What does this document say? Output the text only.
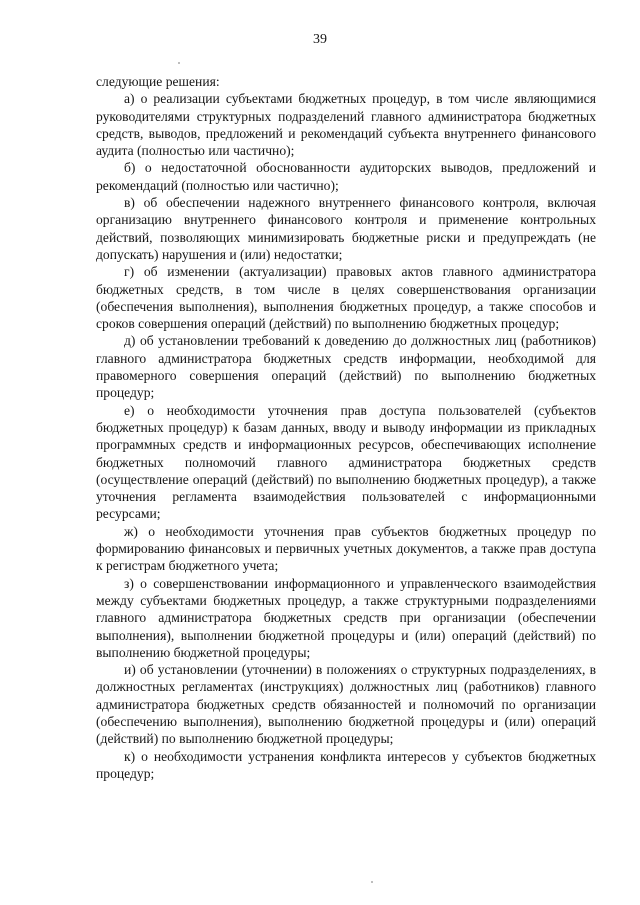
39

следующие решения:

а) о реализации субъектами бюджетных процедур, в том числе являющимися руководителями структурных подразделений главного администратора бюджетных средств, выводов, предложений и рекомендаций субъекта внутреннего финансового аудита (полностью или частично);

б) о недостаточной обоснованности аудиторских выводов, предложений и рекомендаций (полностью или частично);

в) об обеспечении надежного внутреннего финансового контроля, включая организацию внутреннего финансового контроля и применение контрольных действий, позволяющих минимизировать бюджетные риски и предупреждать (не допускать) нарушения и (или) недостатки;

г) об изменении (актуализации) правовых актов главного администратора бюджетных средств, в том числе в целях совершенствования организации (обеспечения выполнения), выполнения бюджетных процедур, а также способов и сроков совершения операций (действий) по выполнению бюджетных процедур;

д) об установлении требований к доведению до должностных лиц (работников) главного администратора бюджетных средств информации, необходимой для правомерного совершения операций (действий) по выполнению бюджетных процедур;

е) о необходимости уточнения прав доступа пользователей (субъектов бюджетных процедур) к базам данных, вводу и выводу информации из прикладных программных средств и информационных ресурсов, обеспечивающих исполнение бюджетных полномочий главного администратора бюджетных средств (осуществление операций (действий) по выполнению бюджетных процедур), а также уточнения регламента взаимодействия пользователей с информационными ресурсами;

ж) о необходимости уточнения прав субъектов бюджетных процедур по формированию финансовых и первичных учетных документов, а также прав доступа к регистрам бюджетного учета;

з) о совершенствовании информационного и управленческого взаимодействия между субъектами бюджетных процедур, а также структурными подразделениями главного администратора бюджетных средств при организации (обеспечении выполнения), выполнении бюджетной процедуры и (или) операций (действий) по выполнению бюджетной процедуры;

и) об установлении (уточнении) в положениях о структурных подразделениях, в должностных регламентах (инструкциях) должностных лиц (работников) главного администратора бюджетных средств обязанностей и полномочий по организации (обеспечению выполнения), выполнению бюджетной процедуры и (или) операций (действий) по выполнению бюджетной процедуры;

к) о необходимости устранения конфликта интересов у субъектов бюджетных процедур;
